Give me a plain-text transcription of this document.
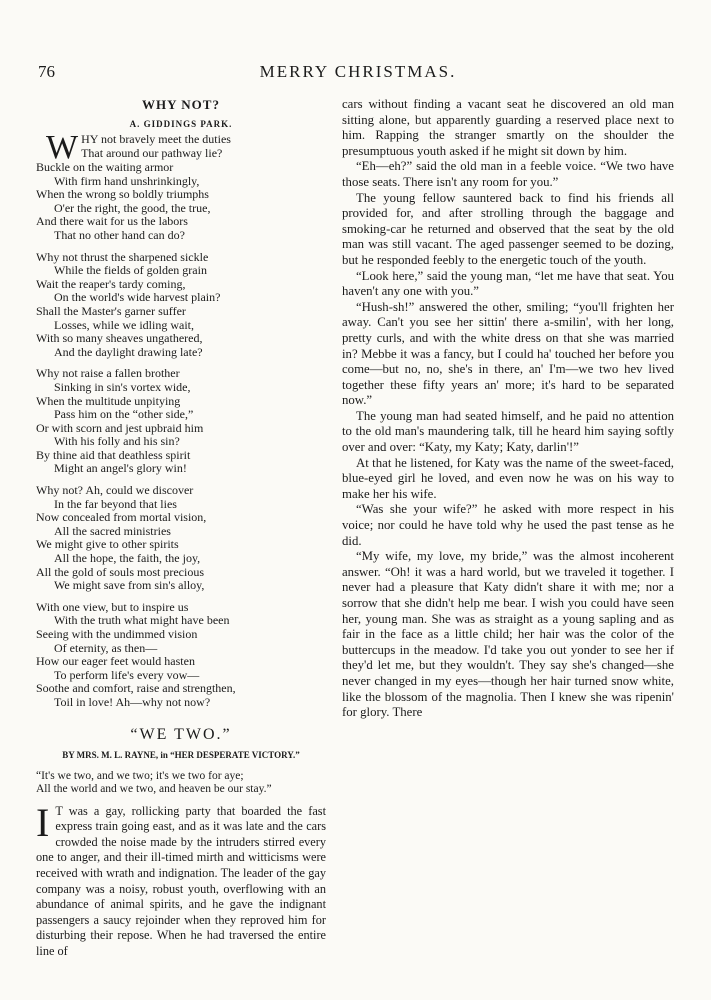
76	MERRY CHRISTMAS.
WHY NOT?
A. GIDDINGS PARK.
W HY not bravely meet the duties
That around our pathway lie?
Buckle on the waiting armor
With firm hand unshrinkingly,
When the wrong so boldly triumphs
O'er the right, the good, the true,
And there wait for us the labors
That no other hand can do?
Why not thrust the sharpened sickle
While the fields of golden grain
Wait the reaper's tardy coming,
On the world's wide harvest plain?
Shall the Master's garner suffer
Losses, while we idling wait,
With so many sheaves ungathered,
And the daylight drawing late?
Why not raise a fallen brother
Sinking in sin's vortex wide,
When the multitude unpitying
Pass him on the “other side,”
Or with scorn and jest upbraid him
With his folly and his sin?
By thine aid that deathless spirit
Might an angel's glory win!
Why not? Ah, could we discover
In the far beyond that lies
Now concealed from mortal vision,
All the sacred ministries
We might give to other spirits
All the hope, the faith, the joy,
All the gold of souls most precious
We might save from sin's alloy,
With one view, but to inspire us
With the truth what might have been
Seeing with the undimmed vision
Of eternity, as then—
How our eager feet would hasten
To perform life's every vow—
Soothe and comfort, raise and strengthen,
Toil in love! Ah—why not now?
“WE TWO.”
BY MRS. M. L. RAYNE, in “HER DESPERATE VICTORY.”
“It's we two, and we two; it's we two for aye;
All the world and we two, and heaven be our stay.”
I T was a gay, rollicking party that boarded the fast express train going east, and as it was late and the cars crowded the noise made by the intruders stirred every one to anger, and their ill-timed mirth and witticisms were received with wrath and indignation. The leader of the gay company was a noisy, robust youth, overflowing with an abundance of animal spirits, and he gave the indignant passengers a saucy rejoinder when they reproved him for disturbing their repose. When he had traversed the entire line of

cars without finding a vacant seat he discovered an old man sitting alone, but apparently guarding a reserved place next to him. Rapping the stranger smartly on the shoulder the presumptuous youth asked if he might sit down by him.

“Eh—eh?” said the old man in a feeble voice. “We two have those seats. There isn't any room for you.”

The young fellow sauntered back to find his friends all provided for, and after strolling through the baggage and smoking-car he returned and observed that the seat by the old man was still vacant. The aged passenger seemed to be dozing, but he responded feebly to the energetic touch of the youth.

“Look here,” said the young man, “let me have that seat. You haven't any one with you.”

“Hush-sh!” answered the other, smiling; “you'll frighten her away. Can't you see her sittin' there a-smilin', with her long, pretty curls, and with the white dress on that she was married in? Mebbe it was a fancy, but I could ha' touched her before you come—but no, no, she's in there, an' I'm—we two hev lived together these fifty years an' more; it's hard to be separated now.”

The young man had seated himself, and he paid no attention to the old man's maundering talk, till he heard him saying softly over and over: “Katy, my Katy; Katy, darlin'!”

At that he listened, for Katy was the name of the sweet-faced, blue-eyed girl he loved, and even now he was on his way to make her his wife.

“Was she your wife?” he asked with more respect in his voice; nor could he have told why he used the past tense as he did.

“My wife, my love, my bride,” was the almost incoherent answer. “Oh! it was a hard world, but we traveled it together. I never had a pleasure that Katy didn't share it with me; nor a sorrow that she didn't help me bear. I wish you could have seen her, young man. She was as straight as a young sapling and as fair in the face as a little child; her hair was the color of the buttercups in the meadow. I'd take you out yonder to see her if they'd let me, but they wouldn't. They say she's changed—she never changed in my eyes—though her hair turned snow white, like the blossom of the magnolia. Then I knew she was ripenin' for glory. There
